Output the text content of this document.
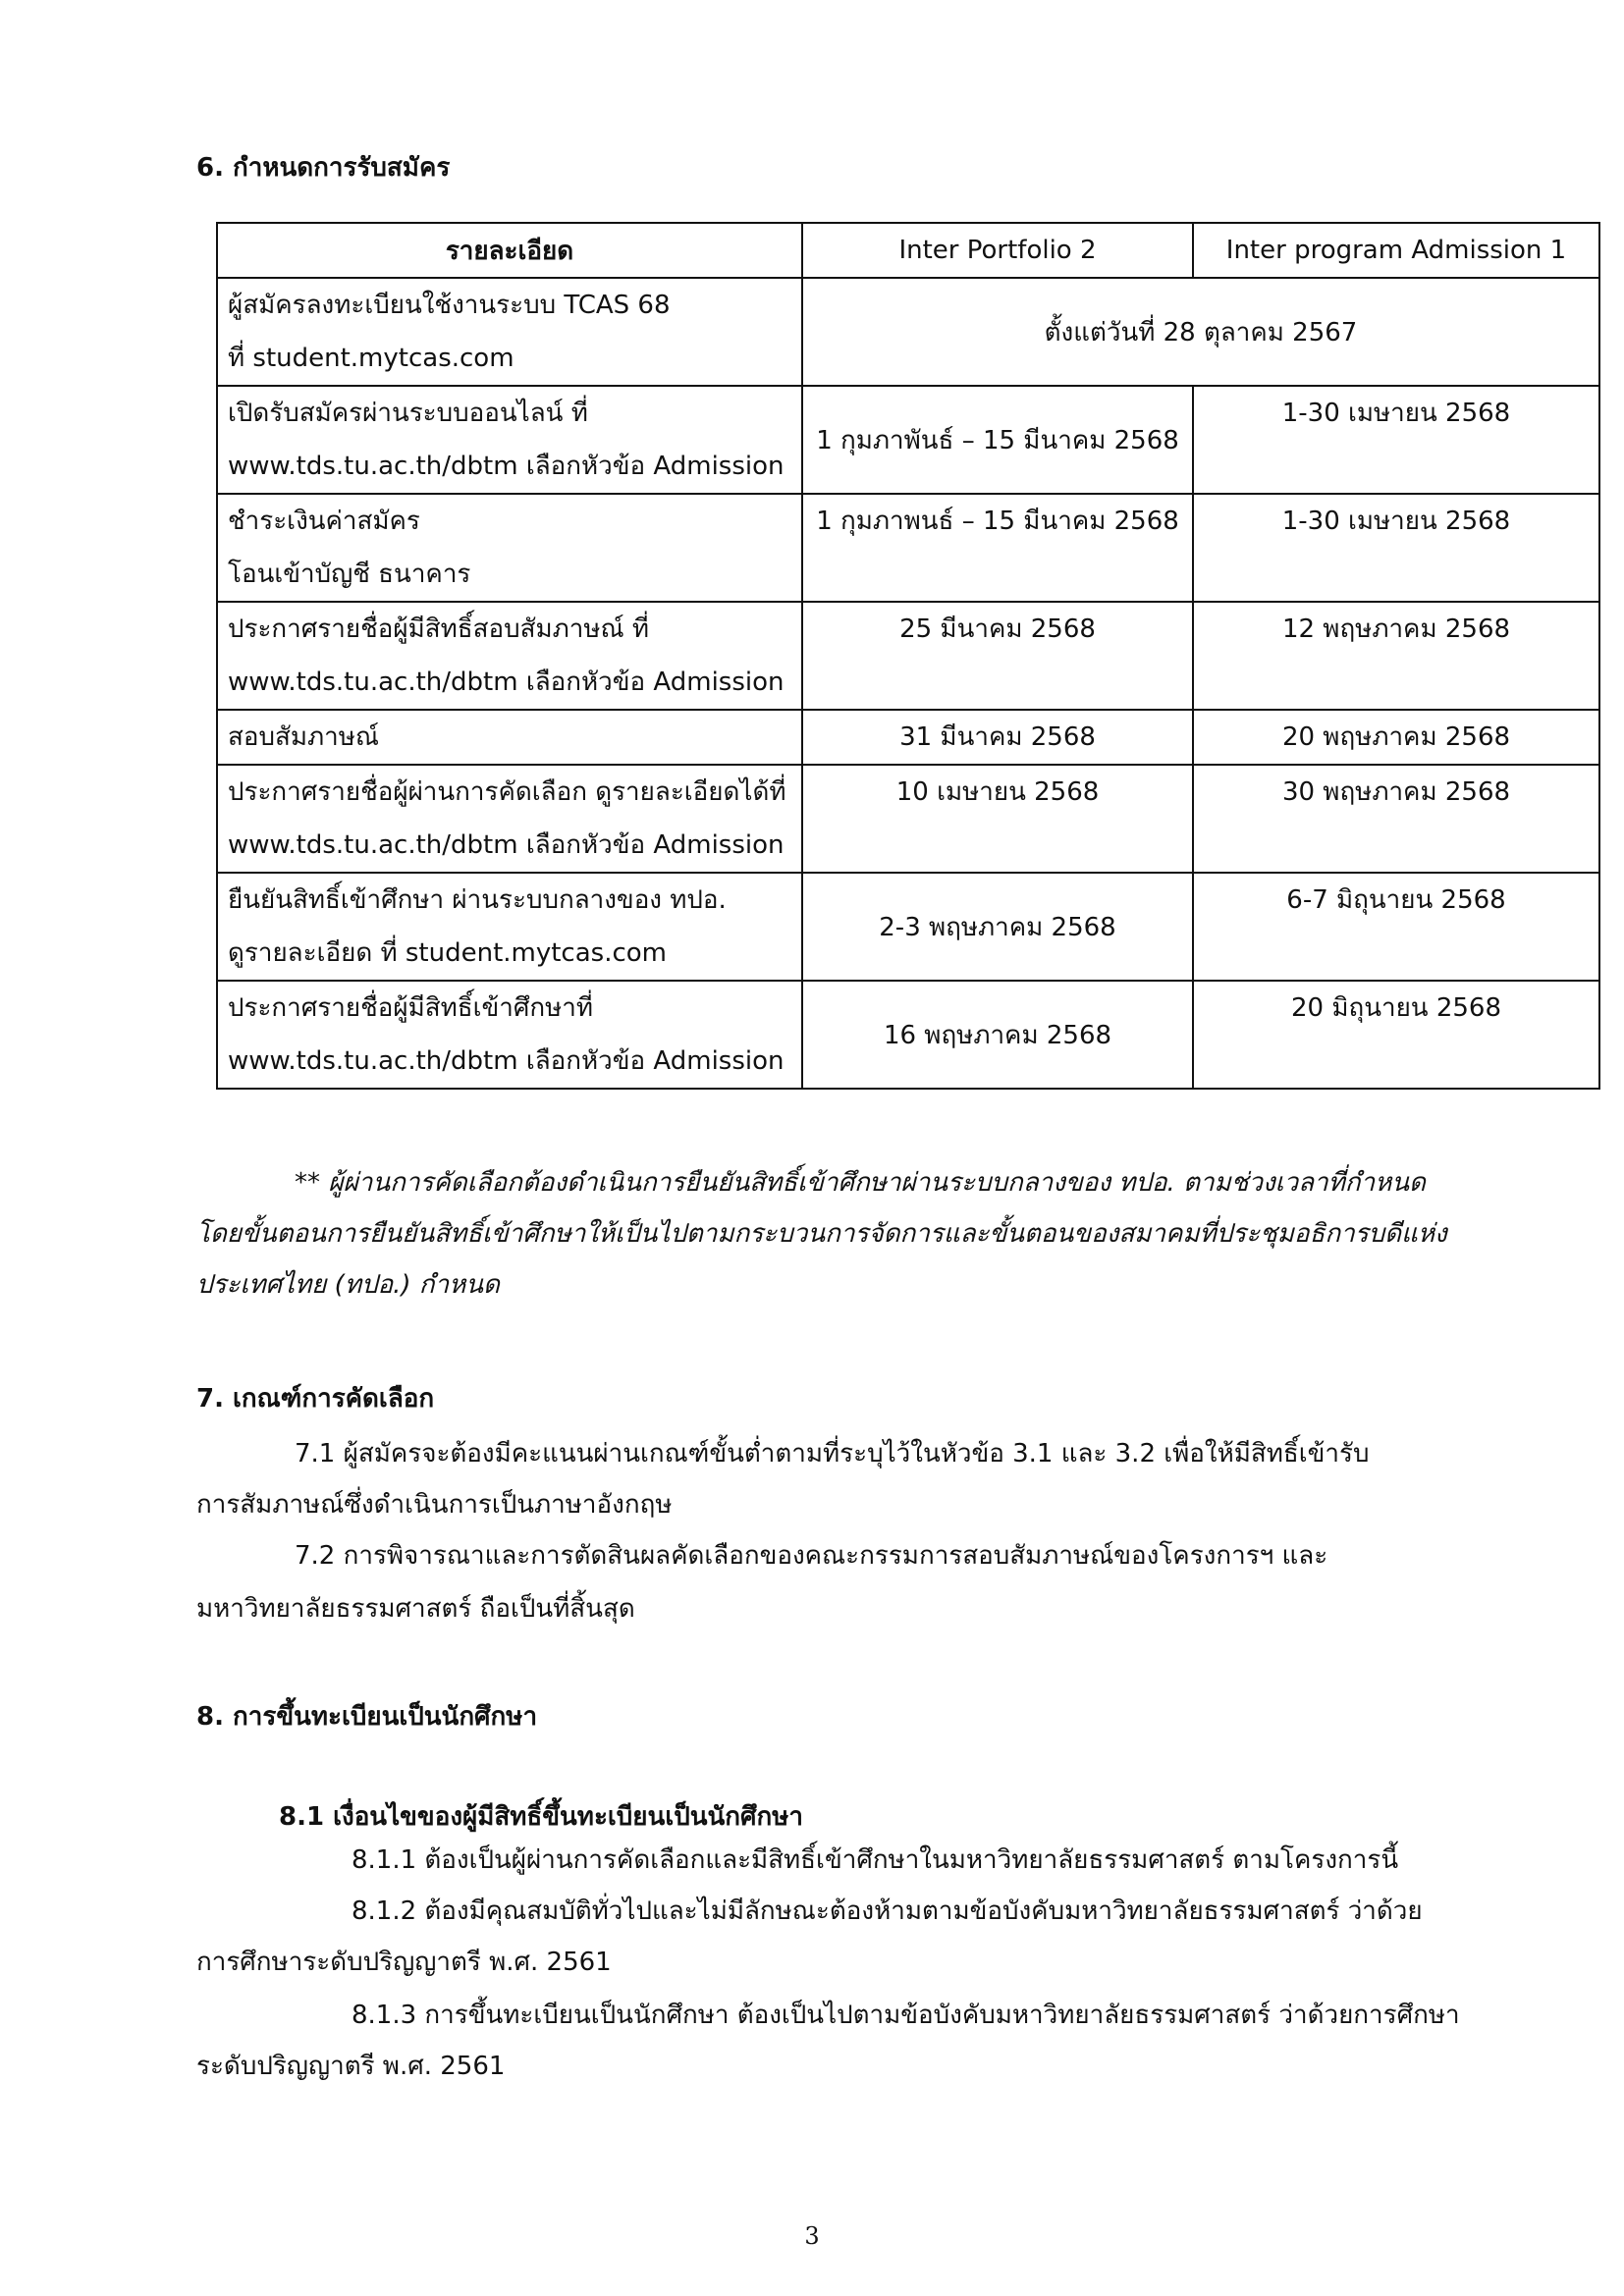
6. กำหนดการรับสมัคร
รายละเอียด	Inter Portfolio 2	Inter program Admission 1

ผู้สมัครลงทะเบียนใช้งานระบบ TCAS 68
ที่ student.mytcas.com	ตั้งแต่วันที่ 28 ตุลาคม 2567	

เปิดรับสมัครผ่านระบบออนไลน์ ที่
www.tds.tu.ac.th/dbtm เลือกหัวข้อ Admission	1 กุมภาพันธ์ – 15 มีนาคม 2568	1-30 เมษายน 2568

ชำระเงินค่าสมัคร
โอนเข้าบัญชี ธนาคาร	1 กุมภาพนธ์ – 15 มีนาคม 2568	1-30 เมษายน 2568

ประกาศรายชื่อผู้มีสิทธิ์สอบสัมภาษณ์ ที่
www.tds.tu.ac.th/dbtm เลือกหัวข้อ Admission	25 มีนาคม 2568	12 พฤษภาคม 2568

สอบสัมภาษณ์	31 มีนาคม 2568	20 พฤษภาคม 2568

ประกาศรายชื่อผู้ผ่านการคัดเลือก ดูรายละเอียดได้ที่
www.tds.tu.ac.th/dbtm เลือกหัวข้อ Admission	10 เมษายน 2568	30 พฤษภาคม 2568

ยืนยันสิทธิ์เข้าศึกษา ผ่านระบบกลางของ ทปอ.
ดูรายละเอียด ที่ student.mytcas.com	2-3 พฤษภาคม 2568	6-7 มิถุนายน 2568

ประกาศรายชื่อผู้มีสิทธิ์เข้าศึกษาที่
www.tds.tu.ac.th/dbtm เลือกหัวข้อ Admission	16 พฤษภาคม 2568	20 มิถุนายน 2568
** ผู้ผ่านการคัดเลือกต้องดำเนินการยืนยันสิทธิ์เข้าศึกษาผ่านระบบกลางของ ทปอ. ตามช่วงเวลาที่กำหนด
โดยขั้นตอนการยืนยันสิทธิ์เข้าศึกษาให้เป็นไปตามกระบวนการจัดการและขั้นตอนของสมาคมที่ประชุมอธิการบดีแห่ง
ประเทศไทย (ทปอ.) กำหนด
7. เกณฑ์การคัดเลือก
7.1 ผู้สมัครจะต้องมีคะแนนผ่านเกณฑ์ขั้นต่ำตามที่ระบุไว้ในหัวข้อ 3.1 และ 3.2 เพื่อให้มีสิทธิ์เข้ารับ
การสัมภาษณ์ซึ่งดำเนินการเป็นภาษาอังกฤษ
7.2 การพิจารณาและการตัดสินผลคัดเลือกของคณะกรรมการสอบสัมภาษณ์ของโครงการฯ และ
มหาวิทยาลัยธรรมศาสตร์ ถือเป็นที่สิ้นสุด
8. การขึ้นทะเบียนเป็นนักศึกษา
8.1 เงื่อนไขของผู้มีสิทธิ์ขึ้นทะเบียนเป็นนักศึกษา
8.1.1 ต้องเป็นผู้ผ่านการคัดเลือกและมีสิทธิ์เข้าศึกษาในมหาวิทยาลัยธรรมศาสตร์ ตามโครงการนี้
8.1.2 ต้องมีคุณสมบัติทั่วไปและไม่มีลักษณะต้องห้ามตามข้อบังคับมหาวิทยาลัยธรรมศาสตร์ ว่าด้วย
การศึกษาระดับปริญญาตรี พ.ศ. 2561
8.1.3 การขึ้นทะเบียนเป็นนักศึกษา ต้องเป็นไปตามข้อบังคับมหาวิทยาลัยธรรมศาสตร์ ว่าด้วยการศึกษา
ระดับปริญญาตรี พ.ศ. 2561
3
